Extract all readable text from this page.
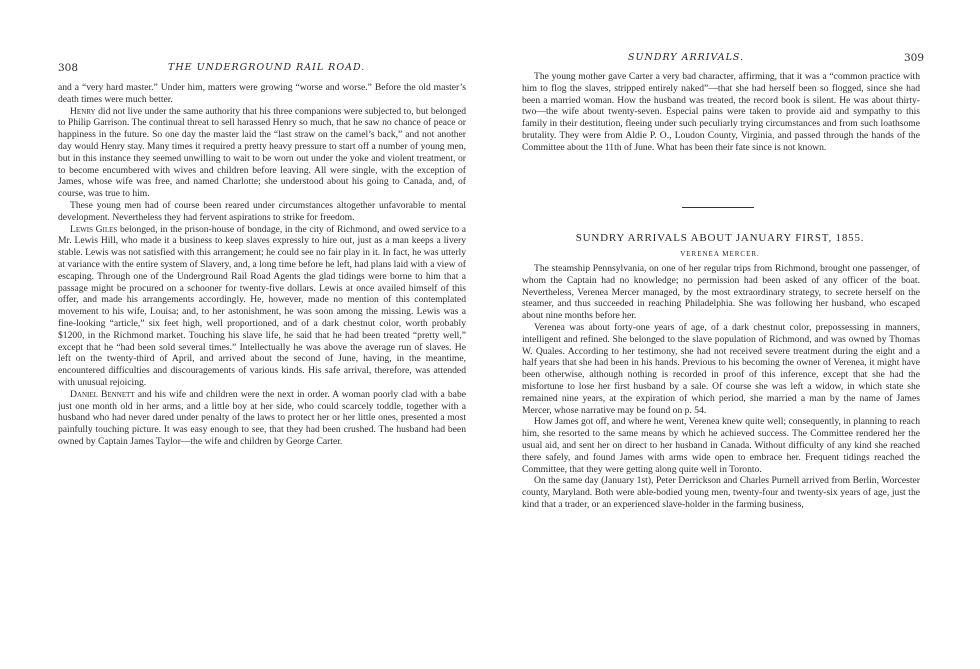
308	THE UNDERGROUND RAIL ROAD.

and a “very hard master.” Under him, matters were growing “worse and worse.” Before the old master’s death times were much better.

Henry did not live under the same authority that his three companions were subjected to, but belonged to Philip Garrison. The continual threat to sell harassed Henry so much, that he saw no chance of peace or happiness in the future. So one day the master laid the “last straw on the camel’s back,” and not another day would Henry stay. Many times it required a pretty heavy pressure to start off a number of young men, but in this instance they seemed unwilling to wait to be worn out under the yoke and violent treatment, or to become encumbered with wives and children before leaving. All were single, with the exception of James, whose wife was free, and named Charlotte; she understood about his going to Canada, and, of course, was true to him.

These young men had of course been reared under circumstances altogether unfavorable to mental development. Nevertheless they had fervent aspirations to strike for freedom.

Lewis Giles belonged, in the prison-house of bondage, in the city of Richmond, and owed service to a Mr. Lewis Hill, who made it a business to keep slaves expressly to hire out, just as a man keeps a livery stable. Lewis was not satisfied with this arrangement; he could see no fair play in it. In fact, he was utterly at variance with the entire system of Slavery, and, a long time before he left, had plans laid with a view of escaping. Through one of the Underground Rail Road Agents the glad tidings were borne to him that a passage might be procured on a schooner for twenty-five dollars. Lewis at once availed himself of this offer, and made his arrangements accordingly. He, however, made no mention of this contemplated movement to his wife, Louisa; and, to her astonishment, he was soon among the missing. Lewis was a fine-looking “article,” six feet high, well proportioned, and of a dark chestnut color, worth probably $1200, in the Richmond market. Touching his slave life, he said that he had been treated “pretty well,” except that he “had been sold several times.” Intellectually he was above the average run of slaves. He left on the twenty-third of April, and arrived about the second of June, having, in the meantime, encountered difficulties and discouragements of various kinds. His safe arrival, therefore, was attended with unusual rejoicing.

Daniel Bennett and his wife and children were the next in order. A woman poorly clad with a babe just one month old in her arms, and a little boy at her side, who could scarcely toddle, together with a husband who had never dared under penalty of the laws to protect her or her little ones, presented a most painfully touching picture. It was easy enough to see, that they had been crushed. The husband had been owned by Captain James Taylor—the wife and children by George Carter.

SUNDRY ARRIVALS.	309

The young mother gave Carter a very bad character, affirming, that it was a “common practice with him to flog the slaves, stripped entirely naked”—that she had herself been so flogged, since she had been a married woman. How the husband was treated, the record book is silent. He was about thirty-two—the wife about twenty-seven. Especial pains were taken to provide aid and sympathy to this family in their destitution, fleeing under such peculiarly trying circumstances and from such loathsome brutality. They were from Aldie P. O., Loudon County, Virginia, and passed through the hands of the Committee about the 11th of June. What has been their fate since is not known.

SUNDRY ARRIVALS ABOUT JANUARY FIRST, 1855.
VERENEA MERCER.

The steamship Pennsylvania, on one of her regular trips from Richmond, brought one passenger, of whom the Captain had no knowledge; no permission had been asked of any officer of the boat. Nevertheless, Verenea Mercer managed, by the most extraordinary strategy, to secrete herself on the steamer, and thus succeeded in reaching Philadelphia. She was following her husband, who escaped about nine months before her.

Verenea was about forty-one years of age, of a dark chestnut color, prepossessing in manners, intelligent and refined. She belonged to the slave population of Richmond, and was owned by Thomas W. Quales. According to her testimony, she had not received severe treatment during the eight and a half years that she had been in his hands. Previous to his becoming the owner of Verenea, it might have been otherwise, although nothing is recorded in proof of this inference, except that she had the misfortune to lose her first husband by a sale. Of course she was left a widow, in which state she remained nine years, at the expiration of which period, she married a man by the name of James Mercer, whose narrative may be found on p. 54.

How James got off, and where he went, Verenea knew quite well; consequently, in planning to reach him, she resorted to the same means by which he achieved success. The Committee rendered her the usual aid, and sent her on direct to her husband in Canada. Without difficulty of any kind she reached there safely, and found James with arms wide open to embrace her. Frequent tidings reached the Committee, that they were getting along quite well in Toronto.

On the same day (January 1st), Peter Derrickson and Charles Purnell arrived from Berlin, Worcester county, Maryland. Both were able-bodied young men, twenty-four and twenty-six years of age, just the kind that a trader, or an experienced slave-holder in the farming business,
